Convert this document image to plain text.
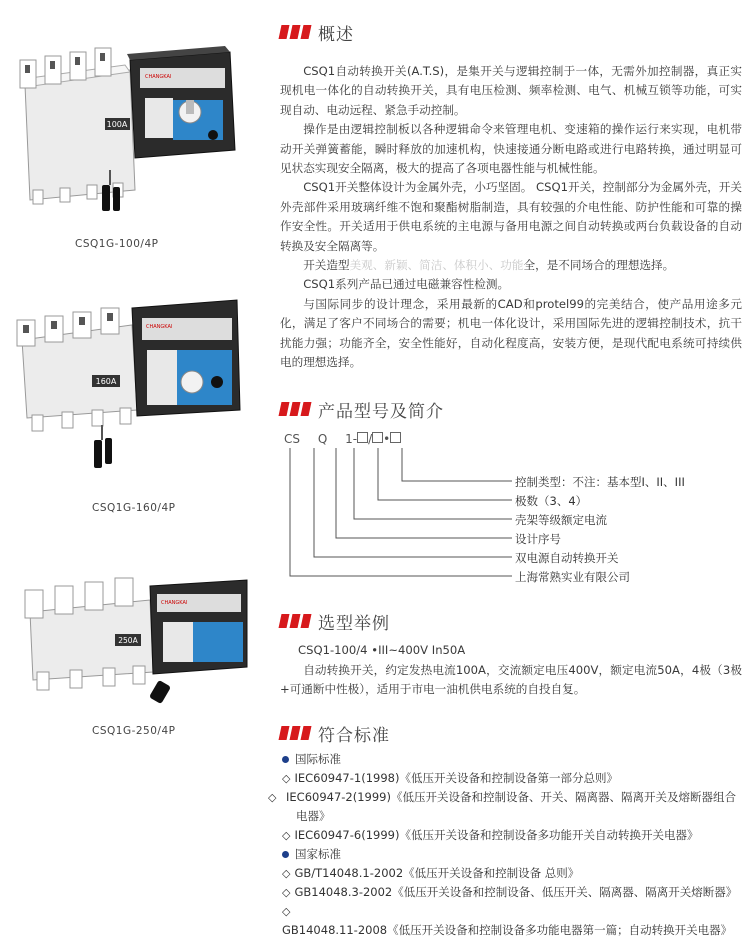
100A
CHANGKAI
CSQ1G-100/4P
160A
CHANGKAI
CSQ1G-160/4P
250A
CHANGKAI
CSQ1G-250/4P
概述
CSQ1自动转换开关(A.T.S)，是集开关与逻辑控制于一体，无需外加控制器，真正实现机电一体化的自动转换开关，具有电压检测、频率检测、电气、机械互锁等功能，可实现自动、电动远程、紧急手动控制。
操作是由逻辑控制板以各种逻辑命令来管理电机、变速箱的操作运行来实现，电机带动开关弹簧蓄能，瞬时释放的加速机构，快速接通分断电路或进行电路转换，通过明显可见状态实现安全隔离，极大的提高了各项电器性能与机械性能。
CSQ1开关整体设计为金属外壳，小巧坚固。 CSQ1开关，控制部分为金属外壳，开关外壳部件采用玻璃纤维不饱和聚酯树脂制造，具有较强的介电性能、防护性能和可靠的操作安全性。开关适用于供电系统的主电源与备用电源之间自动转换或两台负载设备的自动转换及安全隔离等。
开关造型美观、新颖、简洁、体积小、功能全，是不同场合的理想选择。
CSQ1系列产品已通过电磁兼容性检测。
与国际同步的设计理念，采用最新的CAD和protel99的完美结合，使产品用途多元化，满足了客户不同场合的需要；机电一体化设计，采用国际先进的逻辑控制技术，抗干扰能力强；功能齐全，安全性能好，自动化程度高，安装方便，是现代配电系统可持续供电的理想选择。
产品型号及简介
CS Q 1- / •
控制类型：不注：基本型I、II、III
极数（3、4）
壳架等级额定电流
设计序号
双电源自动转换开关
上海常熟实业有限公司
选型举例
CSQ1-100/4 •III~400V In50A
自动转换开关，约定发热电流100A，交流额定电压400V，额定电流50A，4极（3极+可通断中性极），适用于市电一油机供电系统的自投自复。
符合标准
国际标准
◇ IEC60947-1(1998)《低压开关设备和控制设备第一部分总则》
◇ IEC60947-2(1999)《低压开关设备和控制设备、开关、隔离器、隔离开关及熔断器组合电器》
◇ IEC60947-6(1999)《低压开关设备和控制设备多功能开关自动转换开关电器》
国家标准
◇ GB/T14048.1-2002《低压开关设备和控制设备 总则》
◇ GB14048.3-2002《低压开关设备和控制设备、低压开关、隔离器、隔离开关熔断器》
◇GB14048.11-2008《低压开关设备和控制设备多功能电器第一篇；自动转换开关电器》
